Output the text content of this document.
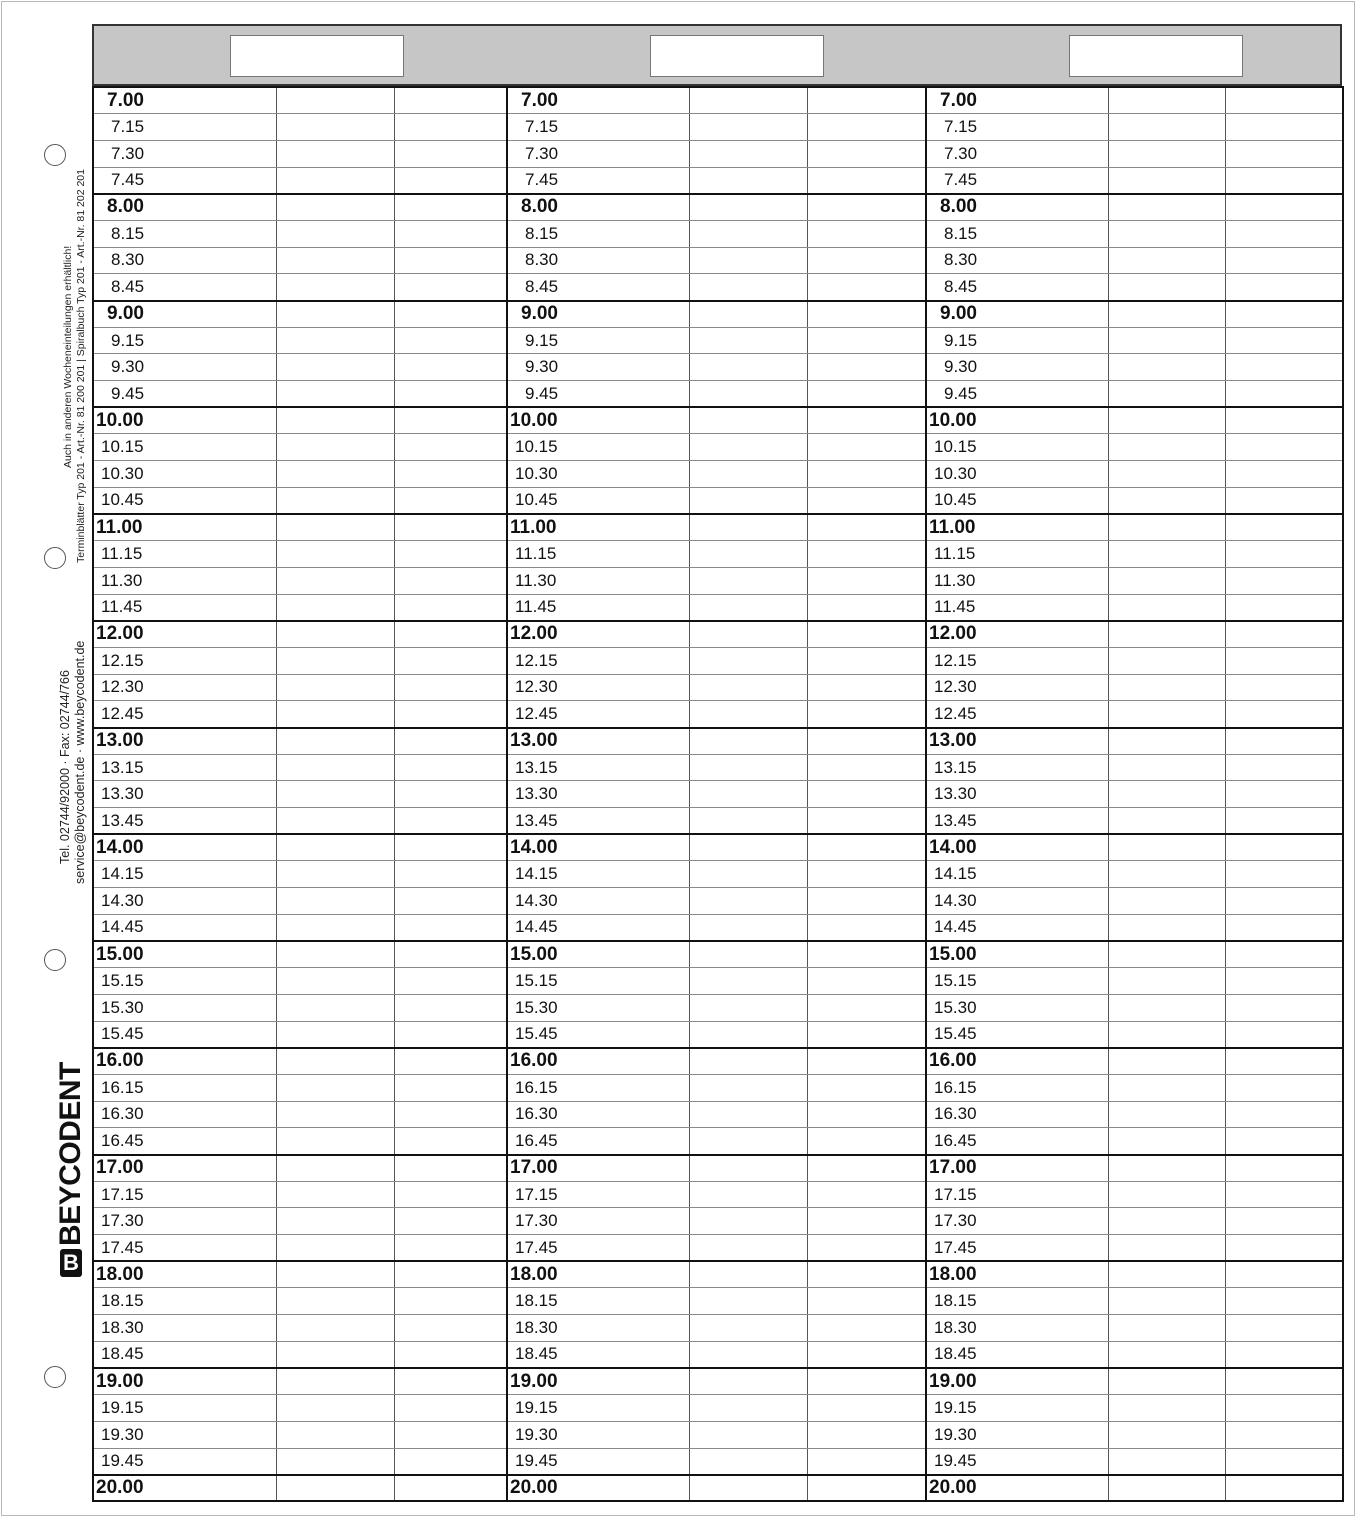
Auch in anderen Wocheneinteilungen erhältlich! Terminblätter Typ 201 - Art.-Nr. 81 200 201 | Spiralbuch Typ 201 - Art.-Nr. 81 202 201
Tel. 02744/92000 · Fax: 02744/766 service@beycodent.de · www.beycodent.de
B
BEYCODENT
7.00		
7.15		
7.30		
7.45		
8.00		
8.15		
8.30		
8.45		
9.00		
9.15		
9.30		
9.45		
10.00		
10.15		
10.30		
10.45		
11.00		
11.15		
11.30		
11.45		
12.00		
12.15		
12.30		
12.45		
13.00		
13.15		
13.30		
13.45		
14.00		
14.15		
14.30		
14.45		
15.00		
15.15		
15.30		
15.45		
16.00		
16.15		
16.30		
16.45		
17.00		
17.15		
17.30		
17.45		
18.00		
18.15		
18.30		
18.45		
19.00		
19.15		
19.30		
19.45		
20.00		
7.00		
7.15		
7.30		
7.45		
8.00		
8.15		
8.30		
8.45		
9.00		
9.15		
9.30		
9.45		
10.00		
10.15		
10.30		
10.45		
11.00		
11.15		
11.30		
11.45		
12.00		
12.15		
12.30		
12.45		
13.00		
13.15		
13.30		
13.45		
14.00		
14.15		
14.30		
14.45		
15.00		
15.15		
15.30		
15.45		
16.00		
16.15		
16.30		
16.45		
17.00		
17.15		
17.30		
17.45		
18.00		
18.15		
18.30		
18.45		
19.00		
19.15		
19.30		
19.45		
20.00		
7.00		
7.15		
7.30		
7.45		
8.00		
8.15		
8.30		
8.45		
9.00		
9.15		
9.30		
9.45		
10.00		
10.15		
10.30		
10.45		
11.00		
11.15		
11.30		
11.45		
12.00		
12.15		
12.30		
12.45		
13.00		
13.15		
13.30		
13.45		
14.00		
14.15		
14.30		
14.45		
15.00		
15.15		
15.30		
15.45		
16.00		
16.15		
16.30		
16.45		
17.00		
17.15		
17.30		
17.45		
18.00		
18.15		
18.30		
18.45		
19.00		
19.15		
19.30		
19.45		
20.00		
